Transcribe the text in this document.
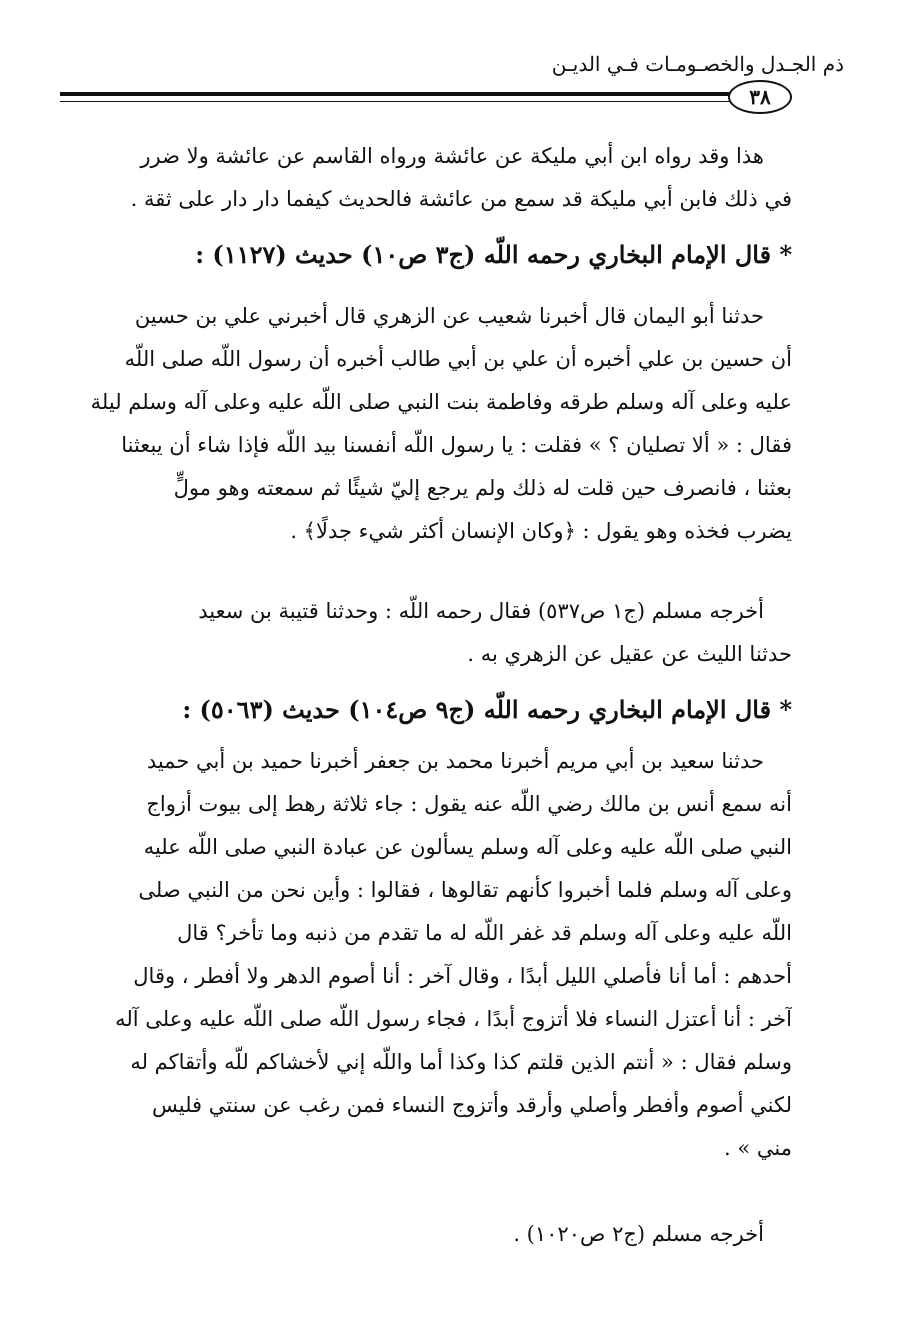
ذم الجـدل والخصـومـات فـي الديـن
٣٨
هذا وقد رواه ابن أبي مليكة عن عائشة ورواه القاسم عن عائشة ولا ضرر
في ذلك فابن أبي مليكة قد سمع من عائشة فالحديث كيفما دار دار على ثقة .
* قال الإمام البخاري رحمه اللّه (ج٣ ص١٠) حديث (١١٢٧) :
حدثنا أبو اليمان قال أخبرنا شعيب عن الزهري قال أخبرني علي بن حسين
أن حسين بن علي أخبره أن علي بن أبي طالب أخبره أن رسول اللّه صلى اللّه
عليه وعلى آله وسلم طرقه وفاطمة بنت النبي صلى اللّه عليه وعلى آله وسلم ليلة
فقال : « ألا تصليان ؟ » فقلت : يا رسول اللّه أنفسنا بيد اللّه فإذا شاء أن يبعثنا
بعثنا ، فانصرف حين قلت له ذلك ولم يرجع إليّ شيئًا ثم سمعته وهو مولٍّ
يضرب فخذه وهو يقول : ﴿وكان الإنسان أكثر شيء جدلًا﴾ .
أخرجه مسلم (ج١ ص٥٣٧) فقال رحمه اللّه : وحدثنا قتيبة بن سعيد
حدثنا الليث عن عقيل عن الزهري به .
* قال الإمام البخاري رحمه اللّه (ج٩ ص١٠٤) حديث (٥٠٦٣) :
حدثنا سعيد بن أبي مريم أخبرنا محمد بن جعفر أخبرنا حميد بن أبي حميد
أنه سمع أنس بن مالك رضي اللّه عنه يقول : جاء ثلاثة رهط إلى بيوت أزواج
النبي صلى اللّه عليه وعلى آله وسلم يسألون عن عبادة النبي صلى اللّه عليه
وعلى آله وسلم فلما أخبروا كأنهم تقالوها ، فقالوا : وأين نحن من النبي صلى
اللّه عليه وعلى آله وسلم قد غفر اللّه له ما تقدم من ذنبه وما تأخر؟ قال
أحدهم : أما أنا فأصلي الليل أبدًا ، وقال آخر : أنا أصوم الدهر ولا أفطر ، وقال
آخر : أنا أعتزل النساء فلا أتزوج أبدًا ، فجاء رسول اللّه صلى اللّه عليه وعلى آله
وسلم فقال : « أنتم الذين قلتم كذا وكذا أما واللّه إني لأخشاكم للّه وأتقاكم له
لكني أصوم وأفطر وأصلي وأرقد وأتزوج النساء فمن رغب عن سنتي فليس
مني » .
أخرجه مسلم (ج٢ ص١٠٢٠) .
